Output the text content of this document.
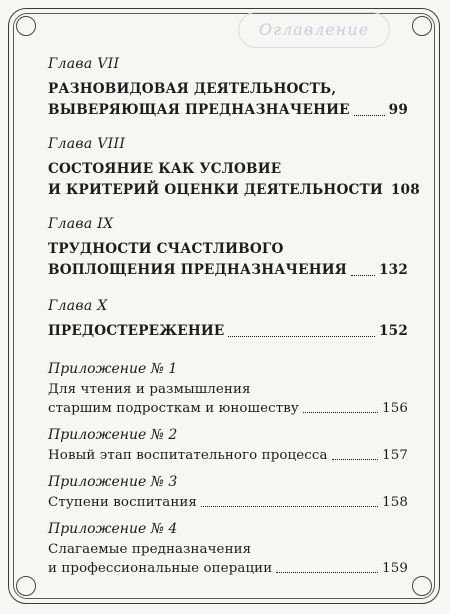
Оглавление
Глава VII
РАЗНОВИДОВАЯ ДЕЯТЕЛЬНОСТЬ,
ВЫВЕРЯЮЩАЯ ПРЕДНАЗНАЧЕНИЕ	99
Глава VIII
СОСТОЯНИЕ КАК УСЛОВИЕ
И КРИТЕРИЙ ОЦЕНКИ ДЕЯТЕЛЬНОСТИ 108
Глава IX
ТРУДНОСТИ СЧАСТЛИВОГО
ВОПЛОЩЕНИЯ ПРЕДНАЗНАЧЕНИЯ 132
Глава X
ПРЕДОСТЕРЕЖЕНИЕ	152
Приложение № 1
Для чтения и размышления
старшим подросткам и юношеству	156
Приложение № 2
Новый этап воспитательного процесса	157
Приложение № 3
Ступени воспитания	158
Приложение № 4
Слагаемые предназначения
и профессиональные операции	159
